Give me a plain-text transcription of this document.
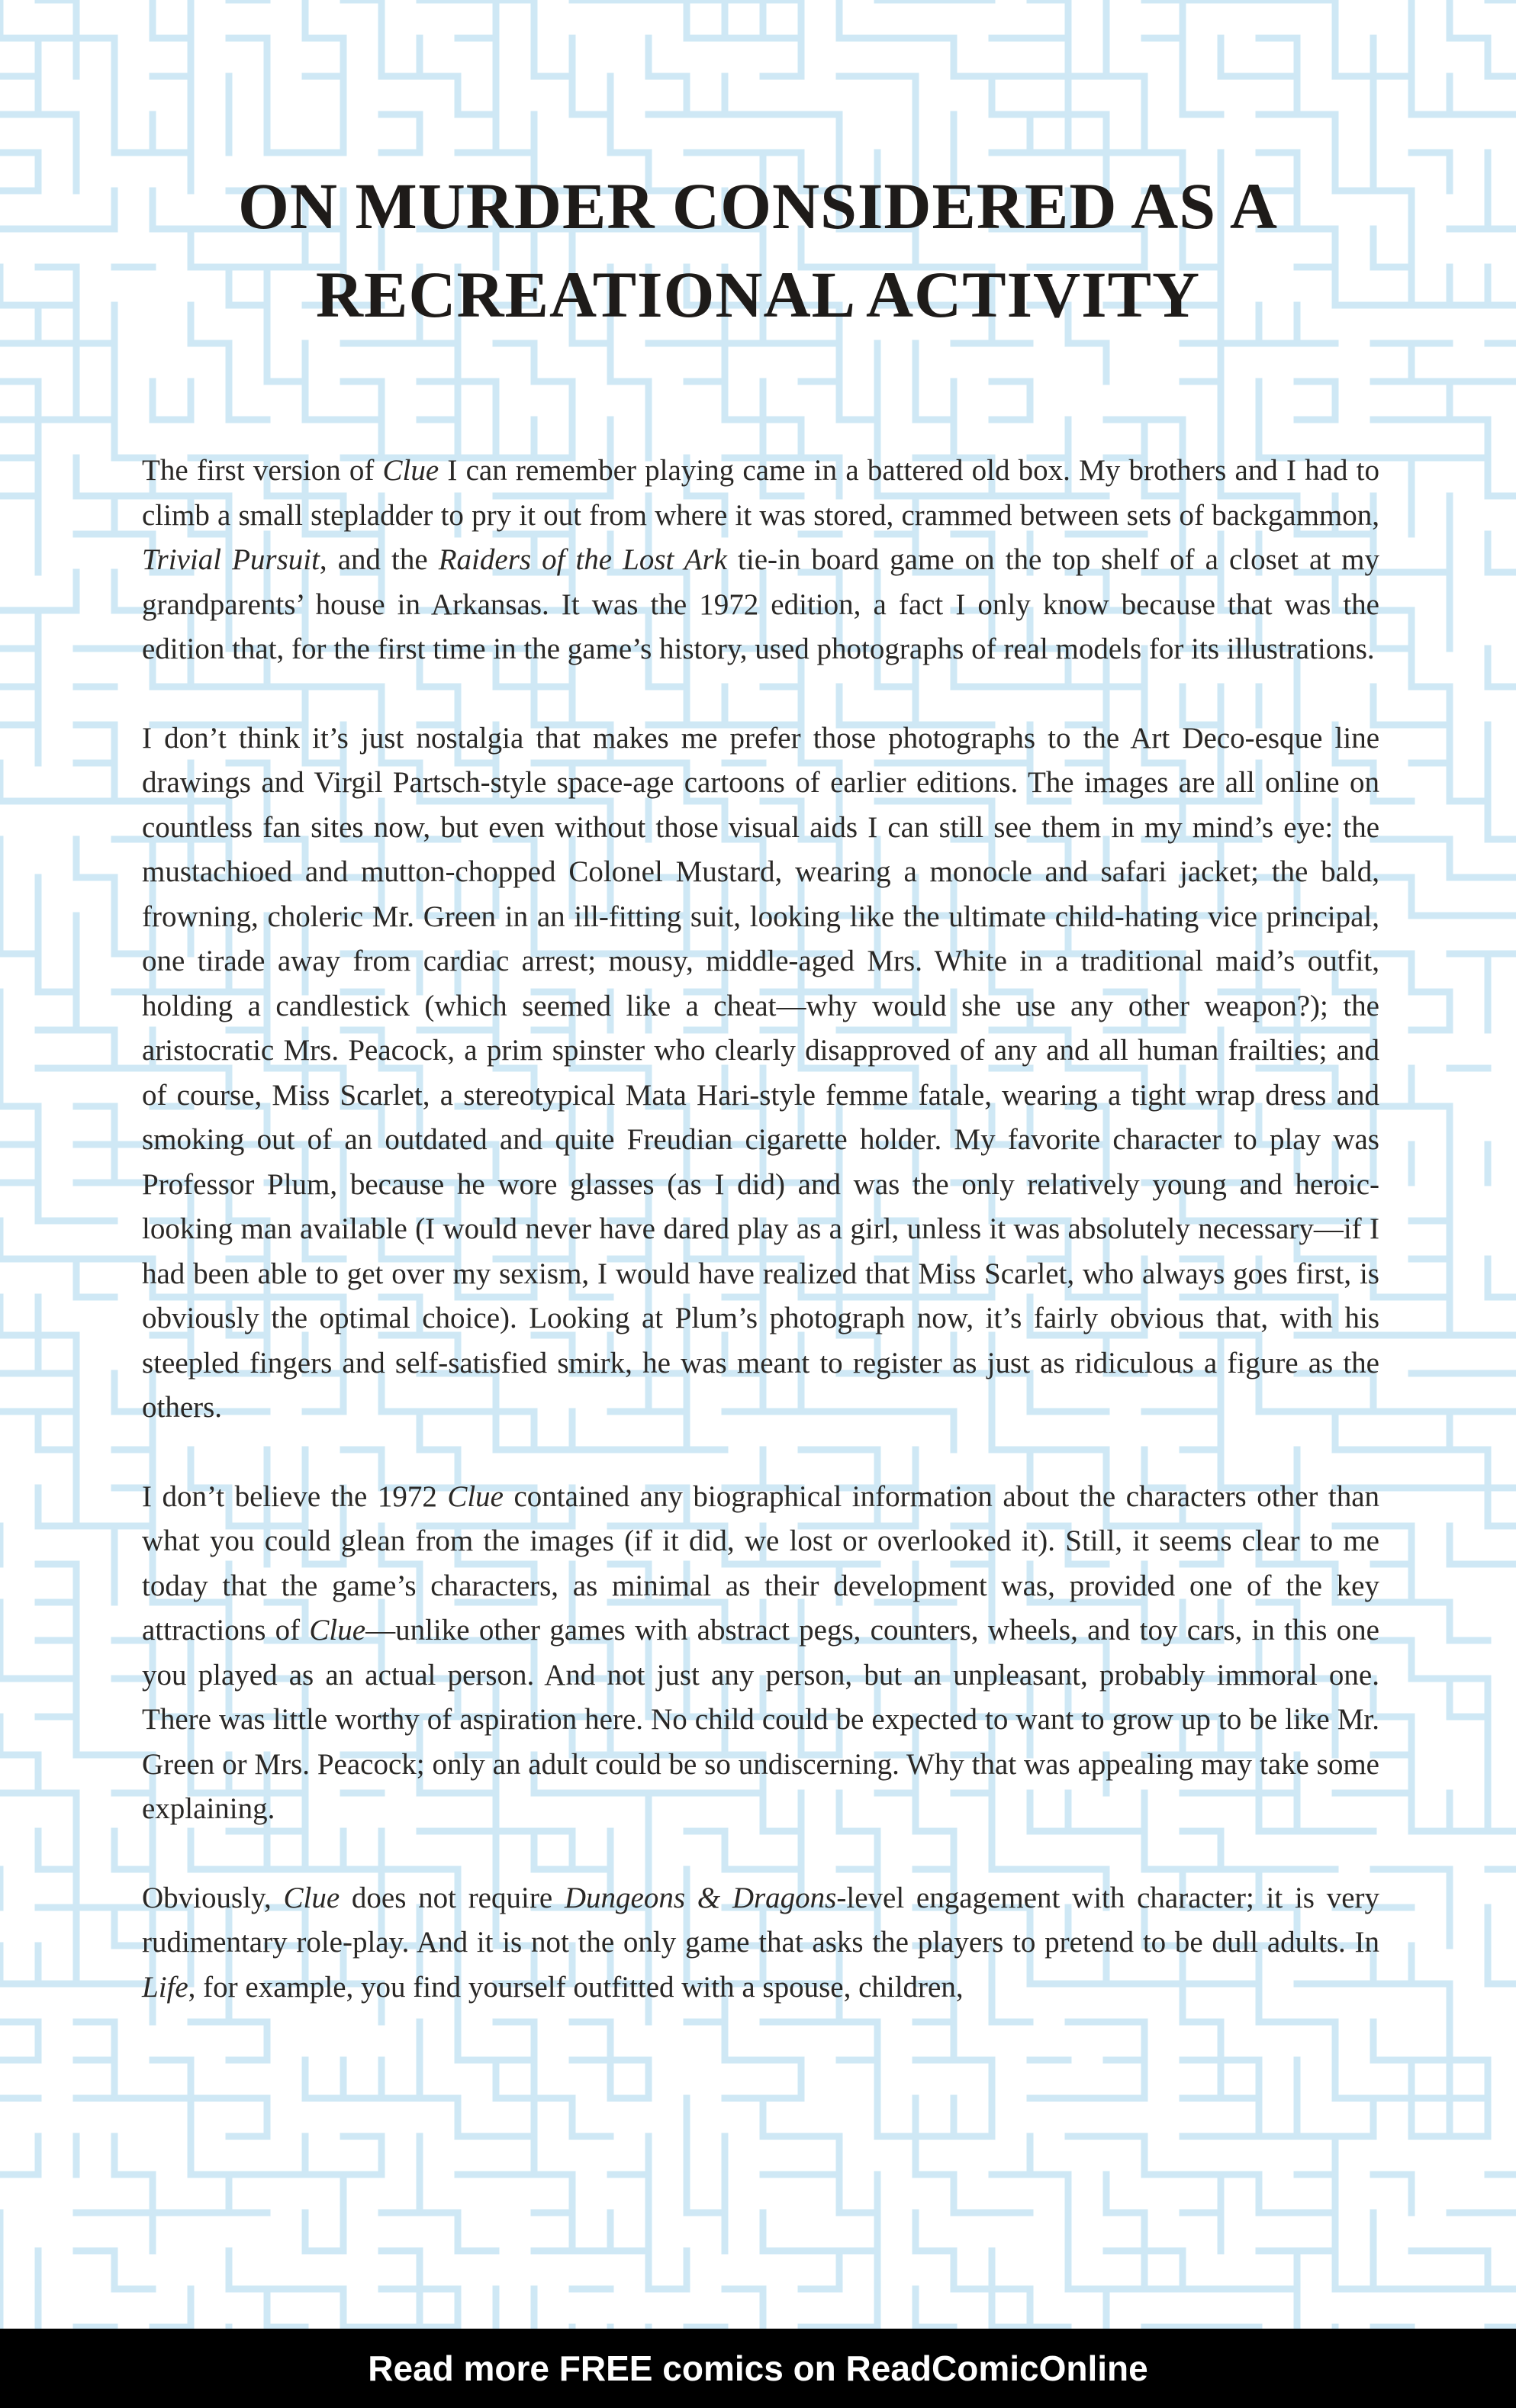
ON MURDER CONSIDERED AS A RECREATIONAL ACTIVITY

The first version of Clue I can remember playing came in a battered old box. My brothers and I had to climb a small stepladder to pry it out from where it was stored, crammed between sets of backgammon, Trivial Pursuit, and the Raiders of the Lost Ark tie-in board game on the top shelf of a closet at my grandparents’ house in Arkansas. It was the 1972 edition, a fact I only know because that was the edition that, for the first time in the game’s history, used photographs of real models for its illustrations.

I don’t think it’s just nostalgia that makes me prefer those photographs to the Art Deco-esque line drawings and Virgil Partsch-style space-age cartoons of earlier editions. The images are all online on countless fan sites now, but even without those visual aids I can still see them in my mind’s eye: the mustachioed and mutton-chopped Colonel Mustard, wearing a monocle and safari jacket; the bald, frowning, choleric Mr. Green in an ill-fitting suit, looking like the ultimate child-hating vice principal, one tirade away from cardiac arrest; mousy, middle-aged Mrs. White in a traditional maid’s outfit, holding a candlestick (which seemed like a cheat—why would she use any other weapon?); the aristocratic Mrs. Peacock, a prim spinster who clearly disapproved of any and all human frailties; and of course, Miss Scarlet, a stereotypical Mata Hari-style femme fatale, wearing a tight wrap dress and smoking out of an outdated and quite Freudian cigarette holder. My favorite character to play was Professor Plum, because he wore glasses (as I did) and was the only relatively young and heroic-looking man available (I would never have dared play as a girl, unless it was absolutely necessary—if I had been able to get over my sexism, I would have realized that Miss Scarlet, who always goes first, is obviously the optimal choice). Looking at Plum’s photograph now, it’s fairly obvious that, with his steepled fingers and self-satisfied smirk, he was meant to register as just as ridiculous a figure as the others.

I don’t believe the 1972 Clue contained any biographical information about the characters other than what you could glean from the images (if it did, we lost or overlooked it). Still, it seems clear to me today that the game’s characters, as minimal as their development was, provided one of the key attractions of Clue—unlike other games with abstract pegs, counters, wheels, and toy cars, in this one you played as an actual person. And not just any person, but an unpleasant, probably immoral one. There was little worthy of aspiration here. No child could be expected to want to grow up to be like Mr. Green or Mrs. Peacock; only an adult could be so undiscerning. Why that was appealing may take some explaining.

Obviously, Clue does not require Dungeons & Dragons-level engagement with character; it is very rudimentary role-play. And it is not the only game that asks the players to pretend to be dull adults. In Life, for example, you find yourself outfitted with a spouse, children,

Read more FREE comics on ReadComicOnline
